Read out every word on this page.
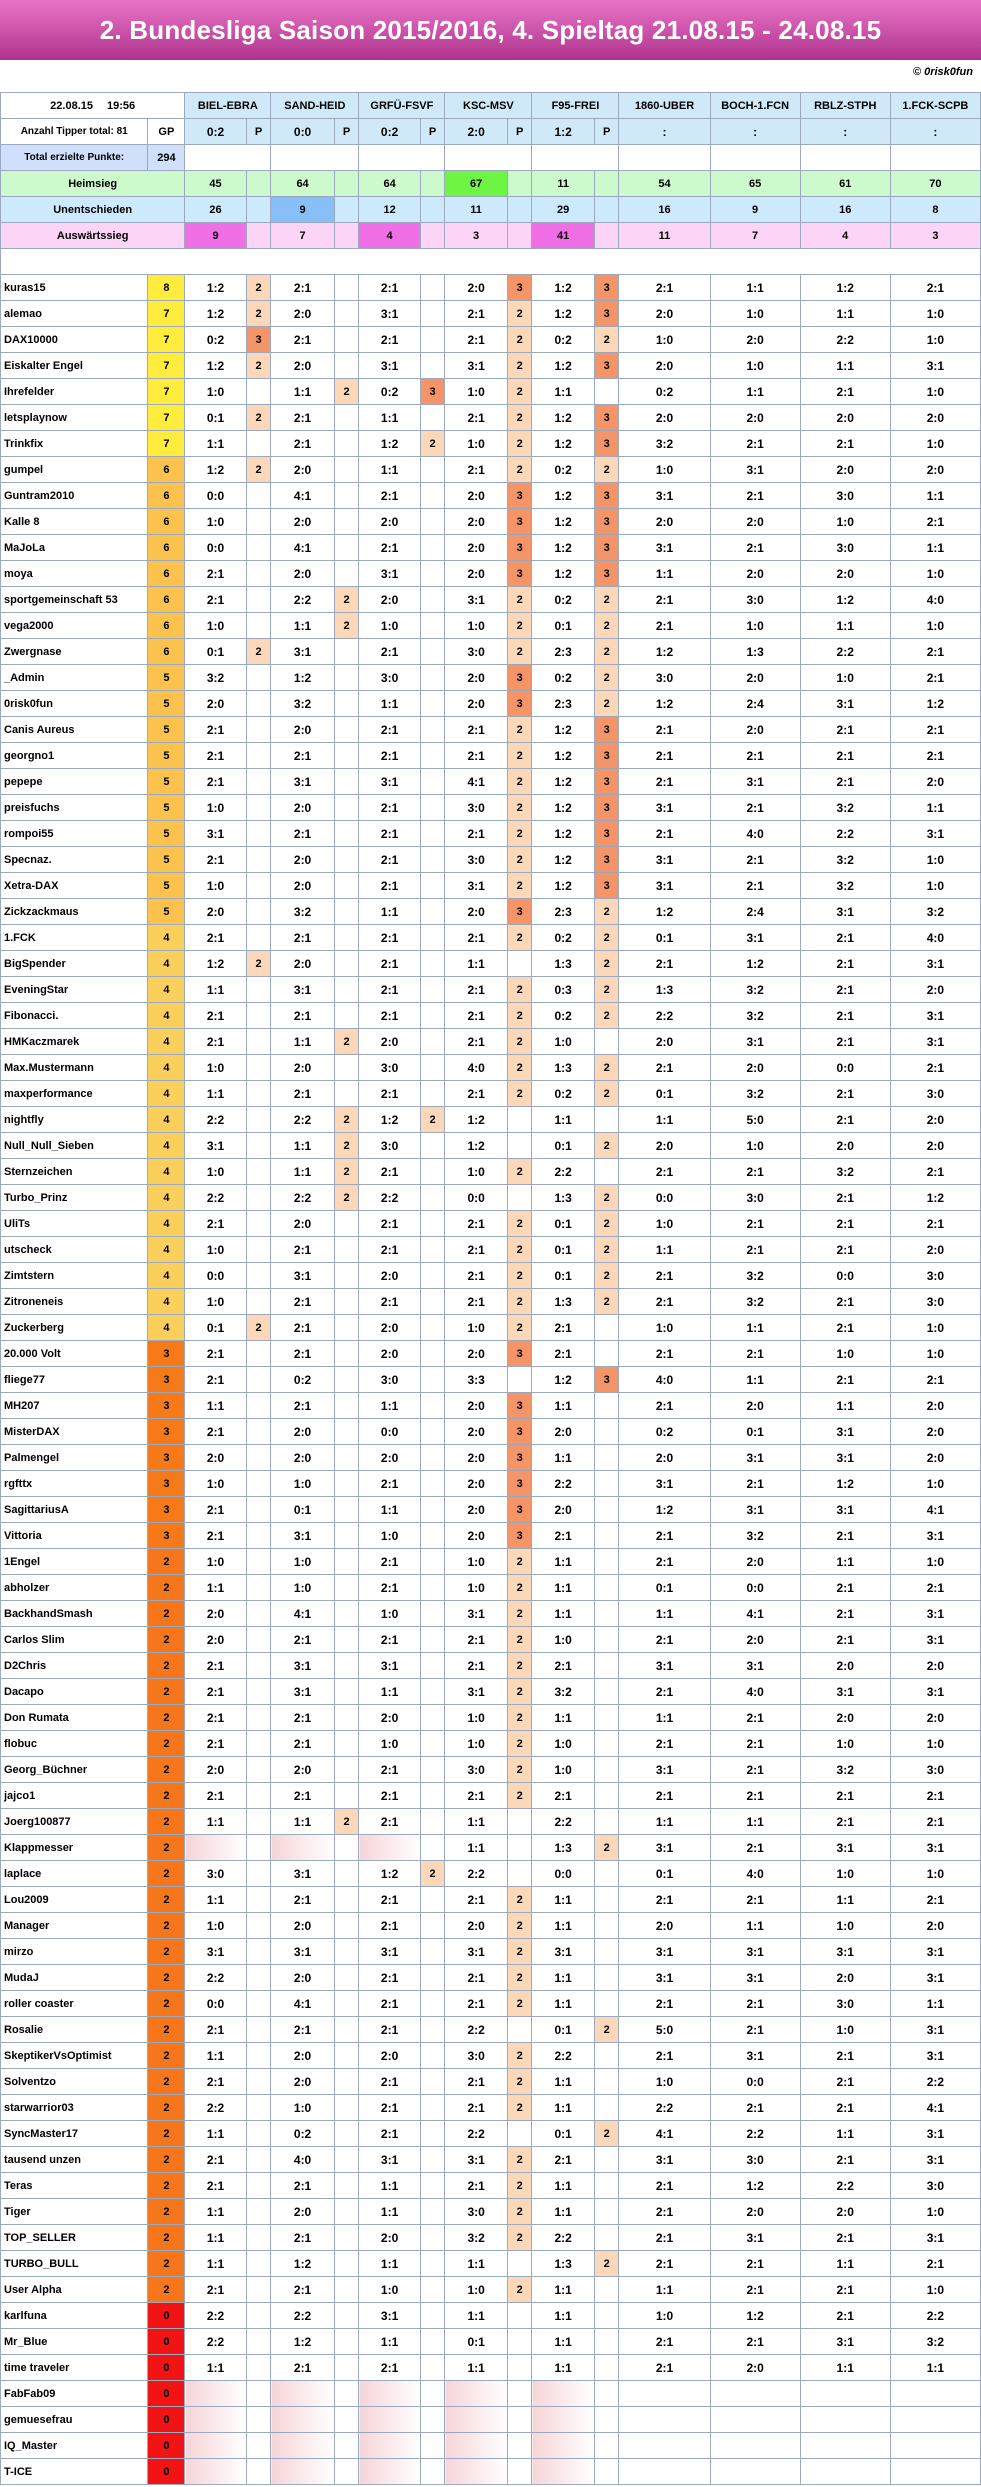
2. Bundesliga Saison 2015/2016, 4. Spieltag 21.08.15 - 24.08.15
© 0risk0fun
22.08.15 19:56		BIEL-EBRA		SAND-HEID		GRFÜ-FSVF		KSC-MSV		F95-FREI		1860-UBER	BOCH-1.FCN	RBLZ-STPH	1.FCK-SCPB
Anzahl Tipper total: 81	GP	0:2	P	0:0	P	0:2	P	2:0	P	1:2	P	:	:	:	:
Total erzielte Punkte:	294														
Heimsieg		45		64		64		67		11		54	65	61	70
Unentschieden		26		9		12		11		29		16	9	16	8
Auswärtssieg		9		7		4		3		41		11	7	4	3

kuras15	8	1:2	2	2:1		2:1		2:0	3	1:2	3	2:1	1:1	1:2	2:1
alemao	7	1:2	2	2:0		3:1		2:1	2	1:2	3	2:0	1:0	1:1	1:0
DAX10000	7	0:2	3	2:1		2:1		2:1	2	0:2	2	1:0	2:0	2:2	1:0
Eiskalter Engel	7	1:2	2	2:0		3:1		3:1	2	1:2	3	2:0	1:0	1:1	3:1
Ihrefelder	7	1:0		1:1	2	0:2	3	1:0	2	1:1		0:2	1:1	2:1	1:0
letsplaynow	7	0:1	2	2:1		1:1		2:1	2	1:2	3	2:0	2:0	2:0	2:0
Trinkfix	7	1:1		2:1		1:2	2	1:0	2	1:2	3	3:2	2:1	2:1	1:0
gumpel	6	1:2	2	2:0		1:1		2:1	2	0:2	2	1:0	3:1	2:0	2:0
Guntram2010	6	0:0		4:1		2:1		2:0	3	1:2	3	3:1	2:1	3:0	1:1
Kalle 8	6	1:0		2:0		2:0		2:0	3	1:2	3	2:0	2:0	1:0	2:1
MaJoLa	6	0:0		4:1		2:1		2:0	3	1:2	3	3:1	2:1	3:0	1:1
moya	6	2:1		2:0		3:1		2:0	3	1:2	3	1:1	2:0	2:0	1:0
sportgemeinschaft 53	6	2:1		2:2	2	2:0		3:1	2	0:2	2	2:1	3:0	1:2	4:0
vega2000	6	1:0		1:1	2	1:0		1:0	2	0:1	2	2:1	1:0	1:1	1:0
Zwergnase	6	0:1	2	3:1		2:1		3:0	2	2:3	2	1:2	1:3	2:2	2:1
_Admin	5	3:2		1:2		3:0		2:0	3	0:2	2	3:0	2:0	1:0	2:1
0risk0fun	5	2:0		3:2		1:1		2:0	3	2:3	2	1:2	2:4	3:1	1:2
Canis Aureus	5	2:1		2:0		2:1		2:1	2	1:2	3	2:1	2:0	2:1	2:1
georgno1	5	2:1		2:1		2:1		2:1	2	1:2	3	2:1	2:1	2:1	2:1
pepepe	5	2:1		3:1		3:1		4:1	2	1:2	3	2:1	3:1	2:1	2:0
preisfuchs	5	1:0		2:0		2:1		3:0	2	1:2	3	3:1	2:1	3:2	1:1
rompoi55	5	3:1		2:1		2:1		2:1	2	1:2	3	2:1	4:0	2:2	3:1
Specnaz.	5	2:1		2:0		2:1		3:0	2	1:2	3	3:1	2:1	3:2	1:0
Xetra-DAX	5	1:0		2:0		2:1		3:1	2	1:2	3	3:1	2:1	3:2	1:0
Zickzackmaus	5	2:0		3:2		1:1		2:0	3	2:3	2	1:2	2:4	3:1	3:2
1.FCK	4	2:1		2:1		2:1		2:1	2	0:2	2	0:1	3:1	2:1	4:0
BigSpender	4	1:2	2	2:0		2:1		1:1		1:3	2	2:1	1:2	2:1	3:1
EveningStar	4	1:1		3:1		2:1		2:1	2	0:3	2	1:3	3:2	2:1	2:0
Fibonacci.	4	2:1		2:1		2:1		2:1	2	0:2	2	2:2	3:2	2:1	3:1
HMKaczmarek	4	2:1		1:1	2	2:0		2:1	2	1:0		2:0	3:1	2:1	3:1
Max.Mustermann	4	1:0		2:0		3:0		4:0	2	1:3	2	2:1	2:0	0:0	2:1
maxperformance	4	1:1		2:1		2:1		2:1	2	0:2	2	0:1	3:2	2:1	3:0
nightfly	4	2:2		2:2	2	1:2	2	1:2		1:1		1:1	5:0	2:1	2:0
Null_Null_Sieben	4	3:1		1:1	2	3:0		1:2		0:1	2	2:0	1:0	2:0	2:0
Sternzeichen	4	1:0		1:1	2	2:1		1:0	2	2:2		2:1	2:1	3:2	2:1
Turbo_Prinz	4	2:2		2:2	2	2:2		0:0		1:3	2	0:0	3:0	2:1	1:2
UliTs	4	2:1		2:0		2:1		2:1	2	0:1	2	1:0	2:1	2:1	2:1
utscheck	4	1:0		2:1		2:1		2:1	2	0:1	2	1:1	2:1	2:1	2:0
Zimtstern	4	0:0		3:1		2:0		2:1	2	0:1	2	2:1	3:2	0:0	3:0
Zitroneneis	4	1:0		2:1		2:1		2:1	2	1:3	2	2:1	3:2	2:1	3:0
Zuckerberg	4	0:1	2	2:1		2:0		1:0	2	2:1		1:0	1:1	2:1	1:0
20.000 Volt	3	2:1		2:1		2:0		2:0	3	2:1		2:1	2:1	1:0	1:0
fliege77	3	2:1		0:2		3:0		3:3		1:2	3	4:0	1:1	2:1	2:1
MH207	3	1:1		2:1		1:1		2:0	3	1:1		2:1	2:0	1:1	2:0
MisterDAX	3	2:1		2:0		0:0		2:0	3	2:0		0:2	0:1	3:1	2:0
Palmengel	3	2:0		2:0		2:0		2:0	3	1:1		2:0	3:1	3:1	2:0
rgfttx	3	1:0		1:0		2:1		2:0	3	2:2		3:1	2:1	1:2	1:0
SagittariusA	3	2:1		0:1		1:1		2:0	3	2:0		1:2	3:1	3:1	4:1
Vittoria	3	2:1		3:1		1:0		2:0	3	2:1		2:1	3:2	2:1	3:1
1Engel	2	1:0		1:0		2:1		1:0	2	1:1		2:1	2:0	1:1	1:0
abholzer	2	1:1		1:0		2:1		1:0	2	1:1		0:1	0:0	2:1	2:1
BackhandSmash	2	2:0		4:1		1:0		3:1	2	1:1		1:1	4:1	2:1	3:1
Carlos Slim	2	2:0		2:1		2:1		2:1	2	1:0		2:1	2:0	2:1	3:1
D2Chris	2	2:1		3:1		3:1		2:1	2	2:1		3:1	3:1	2:0	2:0
Dacapo	2	2:1		3:1		1:1		3:1	2	3:2		2:1	4:0	3:1	3:1
Don Rumata	2	2:1		2:1		2:0		1:0	2	1:1		1:1	2:1	2:0	2:0
flobuc	2	2:1		2:1		1:0		1:0	2	1:0		2:1	2:1	1:0	1:0
Georg_Büchner	2	2:0		2:0		2:1		3:0	2	1:0		3:1	2:1	3:2	3:0
jajco1	2	2:1		2:1		2:1		2:1	2	2:1		2:1	2:1	2:1	2:1
Joerg100877	2	1:1		1:1	2	2:1		1:1		2:2		1:1	1:1	2:1	2:1
Klappmesser	2							1:1		1:3	2	3:1	2:1	3:1	3:1
laplace	2	3:0		3:1		1:2	2	2:2		0:0		0:1	4:0	1:0	1:0
Lou2009	2	1:1		2:1		2:1		2:1	2	1:1		2:1	2:1	1:1	2:1
Manager	2	1:0		2:0		2:1		2:0	2	1:1		2:0	1:1	1:0	2:0
mirzo	2	3:1		3:1		3:1		3:1	2	3:1		3:1	3:1	3:1	3:1
MudaJ	2	2:2		2:0		2:1		2:1	2	1:1		3:1	3:1	2:0	3:1
roller coaster	2	0:0		4:1		2:1		2:1	2	1:1		2:1	2:1	3:0	1:1
Rosalie	2	2:1		2:1		2:1		2:2		0:1	2	5:0	2:1	1:0	3:1
SkeptikerVsOptimist	2	1:1		2:0		2:0		3:0	2	2:2		2:1	3:1	2:1	3:1
Solventzo	2	2:1		2:0		2:1		2:1	2	1:1		1:0	0:0	2:1	2:2
starwarrior03	2	2:2		1:0		2:1		2:1	2	1:1		2:2	2:1	2:1	4:1
SyncMaster17	2	1:1		0:2		2:1		2:2		0:1	2	4:1	2:2	1:1	3:1
tausend unzen	2	2:1		4:0		3:1		3:1	2	2:1		3:1	3:0	2:1	3:1
Teras	2	2:1		2:1		1:1		2:1	2	1:1		2:1	1:2	2:2	3:0
Tiger	2	1:1		2:0		1:1		3:0	2	1:1		2:1	2:0	2:0	1:0
TOP_SELLER	2	1:1		2:1		2:0		3:2	2	2:2		2:1	3:1	2:1	3:1
TURBO_BULL	2	1:1		1:2		1:1		1:1		1:3	2	2:1	2:1	1:1	2:1
User Alpha	2	2:1		2:1		1:0		1:0	2	1:1		1:1	2:1	2:1	1:0
karlfuna	0	2:2		2:2		3:1		1:1		1:1		1:0	1:2	2:1	2:2
Mr_Blue	0	2:2		1:2		1:1		0:1		1:1		2:1	2:1	3:1	3:2
time traveler	0	1:1		2:1		2:1		1:1		1:1		2:1	2:0	1:1	1:1
FabFab09	0														
gemuesefrau	0														
IQ_Master	0														
T-ICE	0														
